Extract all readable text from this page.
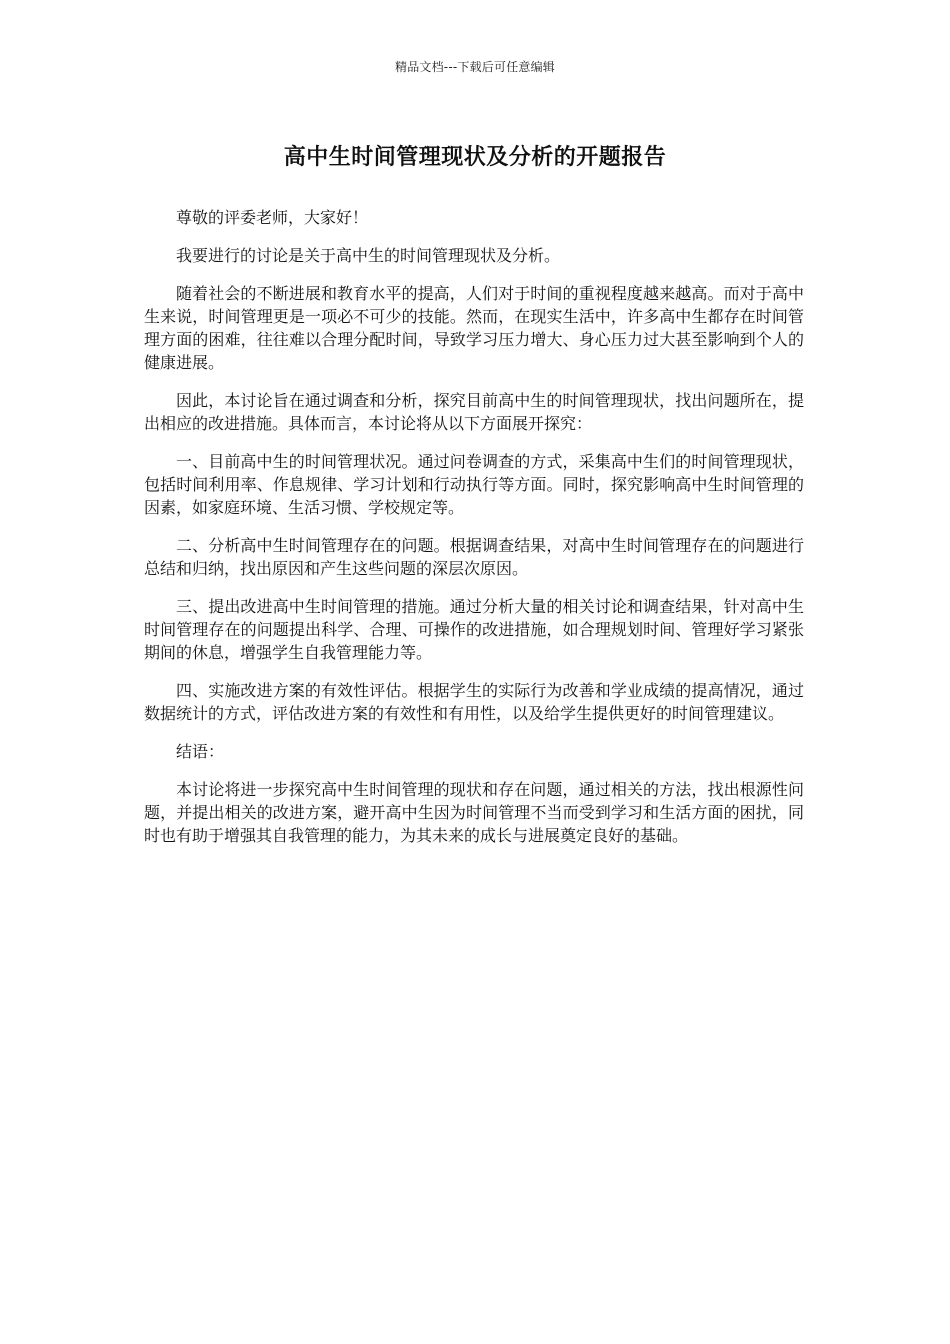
精品文档---下载后可任意编辑
高中生时间管理现状及分析的开题报告

尊敬的评委老师，大家好！

我要进行的讨论是关于高中生的时间管理现状及分析。

随着社会的不断进展和教育水平的提高，人们对于时间的重视程度越来越高。而对于高中生来说，时间管理更是一项必不可少的技能。然而，在现实生活中，许多高中生都存在时间管理方面的困难，往往难以合理分配时间，导致学习压力增大、身心压力过大甚至影响到个人的健康进展。

因此，本讨论旨在通过调查和分析，探究目前高中生的时间管理现状，找出问题所在，提出相应的改进措施。具体而言，本讨论将从以下方面展开探究：

一、目前高中生的时间管理状况。通过问卷调查的方式，采集高中生们的时间管理现状，包括时间利用率、作息规律、学习计划和行动执行等方面。同时，探究影响高中生时间管理的因素，如家庭环境、生活习惯、学校规定等。

二、分析高中生时间管理存在的问题。根据调查结果，对高中生时间管理存在的问题进行总结和归纳，找出原因和产生这些问题的深层次原因。

三、提出改进高中生时间管理的措施。通过分析大量的相关讨论和调查结果，针对高中生时间管理存在的问题提出科学、合理、可操作的改进措施，如合理规划时间、管理好学习紧张期间的休息，增强学生自我管理能力等。

四、实施改进方案的有效性评估。根据学生的实际行为改善和学业成绩的提高情况，通过数据统计的方式，评估改进方案的有效性和有用性，以及给学生提供更好的时间管理建议。

结语：

本讨论将进一步探究高中生时间管理的现状和存在问题，通过相关的方法，找出根源性问题，并提出相关的改进方案，避开高中生因为时间管理不当而受到学习和生活方面的困扰，同时也有助于增强其自我管理的能力，为其未来的成长与进展奠定良好的基础。
